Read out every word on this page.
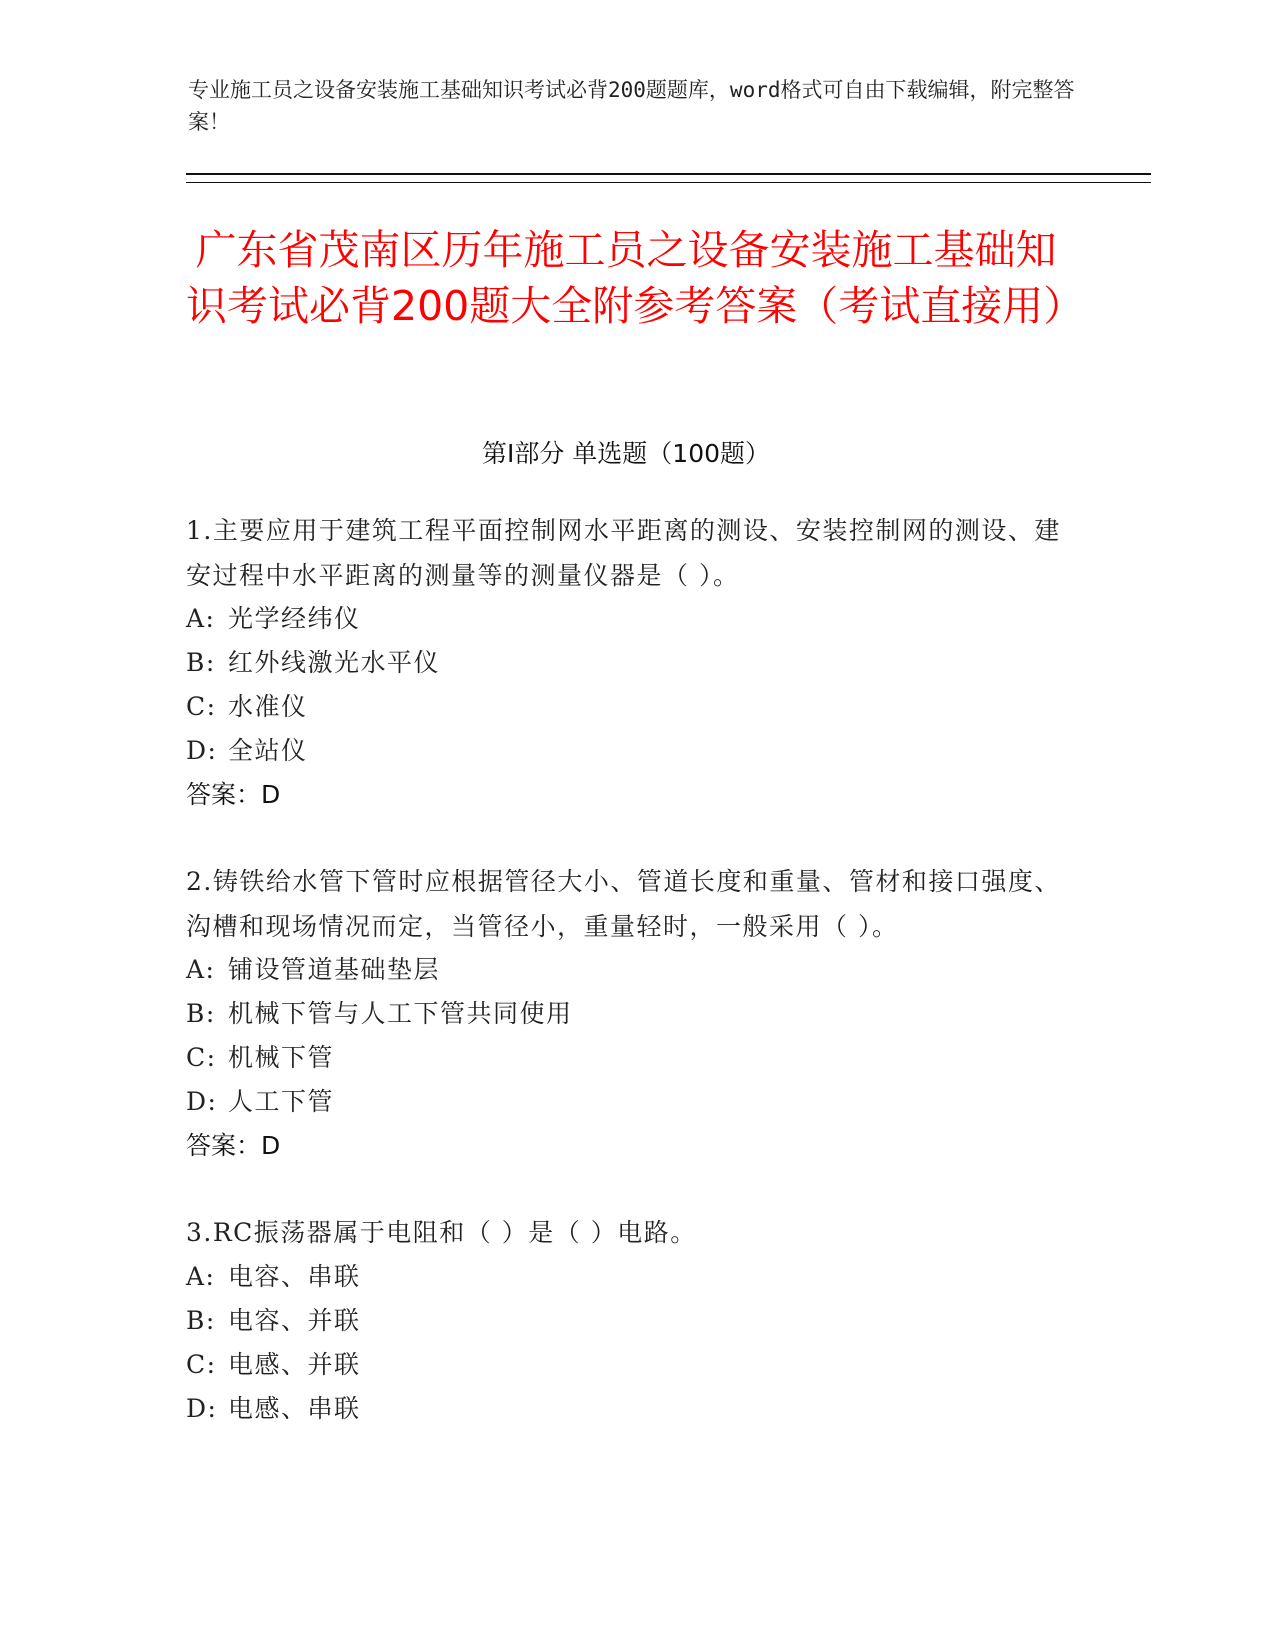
专业施工员之设备安装施工基础知识考试必背200题题库，word格式可自由下载编辑，附完整答案！
广东省茂南区历年施工员之设备安装施工基础知识考试必背200题大全附参考答案（考试直接用）
第Ⅰ部分 单选题（100题）
1.主要应用于建筑工程平面控制网水平距离的测设、安装控制网的测设、建安过程中水平距离的测量等的测量仪器是（ ）。
A: 光学经纬仪
B: 红外线激光水平仪
C: 水准仪
D: 全站仪
答案：D
2.铸铁给水管下管时应根据管径大小、管道长度和重量、管材和接口强度、沟槽和现场情况而定，当管径小，重量轻时，一般采用（ ）。
A: 铺设管道基础垫层
B: 机械下管与人工下管共同使用
C: 机械下管
D: 人工下管
答案：D
3.RC振荡器属于电阻和（ ）是（ ）电路。
A: 电容、串联
B: 电容、并联
C: 电感、并联
D: 电感、串联
